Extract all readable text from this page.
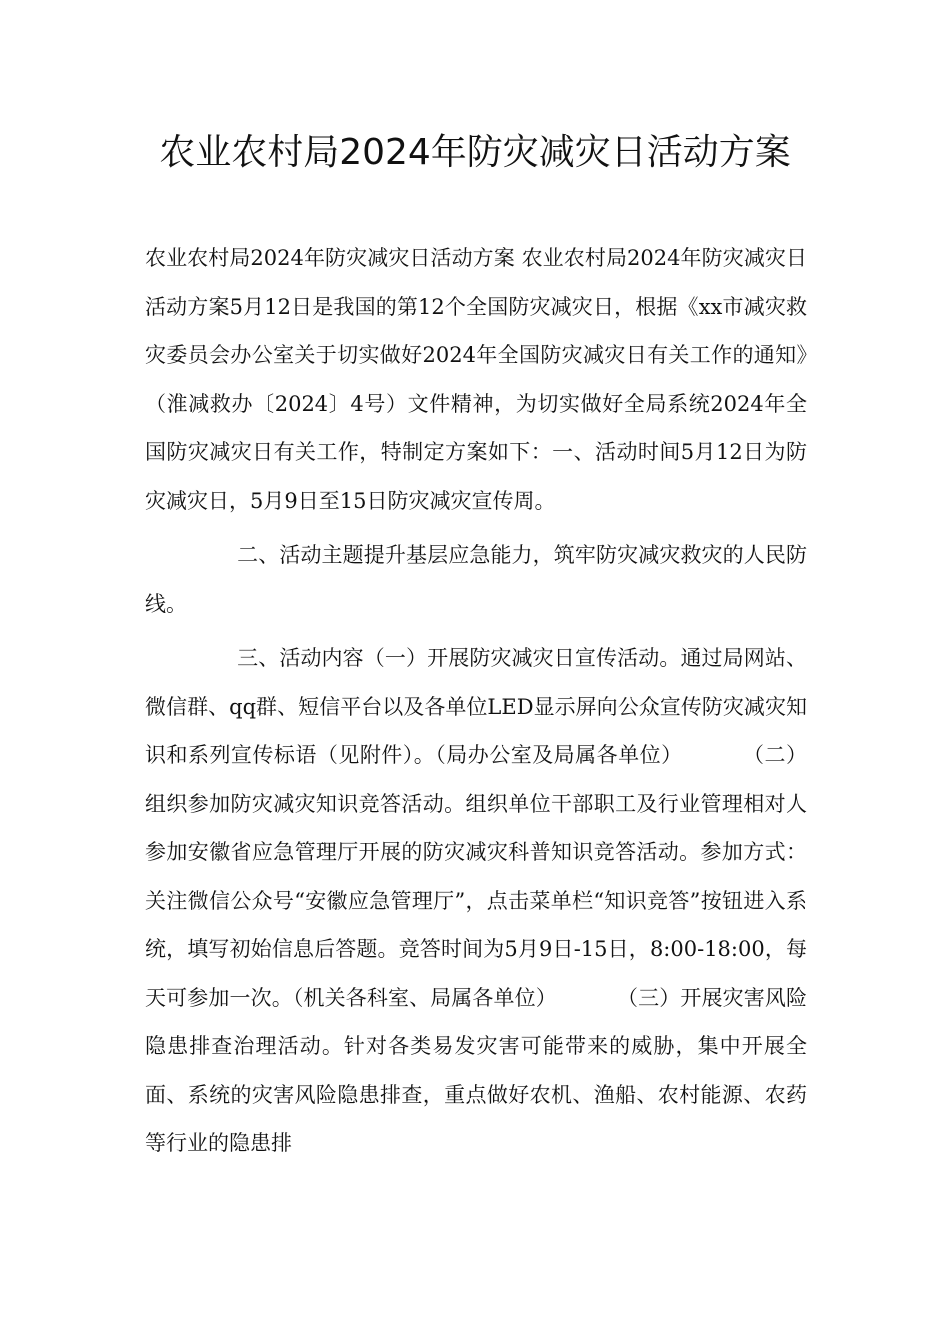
农业农村局2024年防灾减灾日活动方案

农业农村局2024年防灾减灾日活动方案 农业农村局2024年防灾减灾日活动方案5月12日是我国的第12个全国防灾减灾日，根据《xx市减灾救灾委员会办公室关于切实做好2024年全国防灾减灾日有关工作的通知》（淮减救办〔2024〕4号）文件精神，为切实做好全局系统2024年全国防灾减灾日有关工作，特制定方案如下：一、活动时间5月12日为防灾减灾日，5月9日至15日防灾减灾宣传周。

二、活动主题提升基层应急能力，筑牢防灾减灾救灾的人民防线。

三、活动内容（一）开展防灾减灾日宣传活动。通过局网站、微信群、qq群、短信平台以及各单位LED显示屏向公众宣传防灾减灾知识和系列宣传标语（见附件）。（局办公室及局属各单位）	（二）组织参加防灾减灾知识竞答活动。组织单位干部职工及行业管理相对人参加安徽省应急管理厅开展的防灾减灾科普知识竞答活动。参加方式：关注微信公众号“安徽应急管理厅”，点击菜单栏“知识竞答”按钮进入系统，填写初始信息后答题。竞答时间为5月9日-15日，8:00-18:00，每天可参加一次。（机关各科室、局属各单位）	（三）开展灾害风险隐患排查治理活动。针对各类易发灾害可能带来的威胁，集中开展全面、系统的灾害风险隐患排查，重点做好农机、渔船、农村能源、农药等行业的隐患排
